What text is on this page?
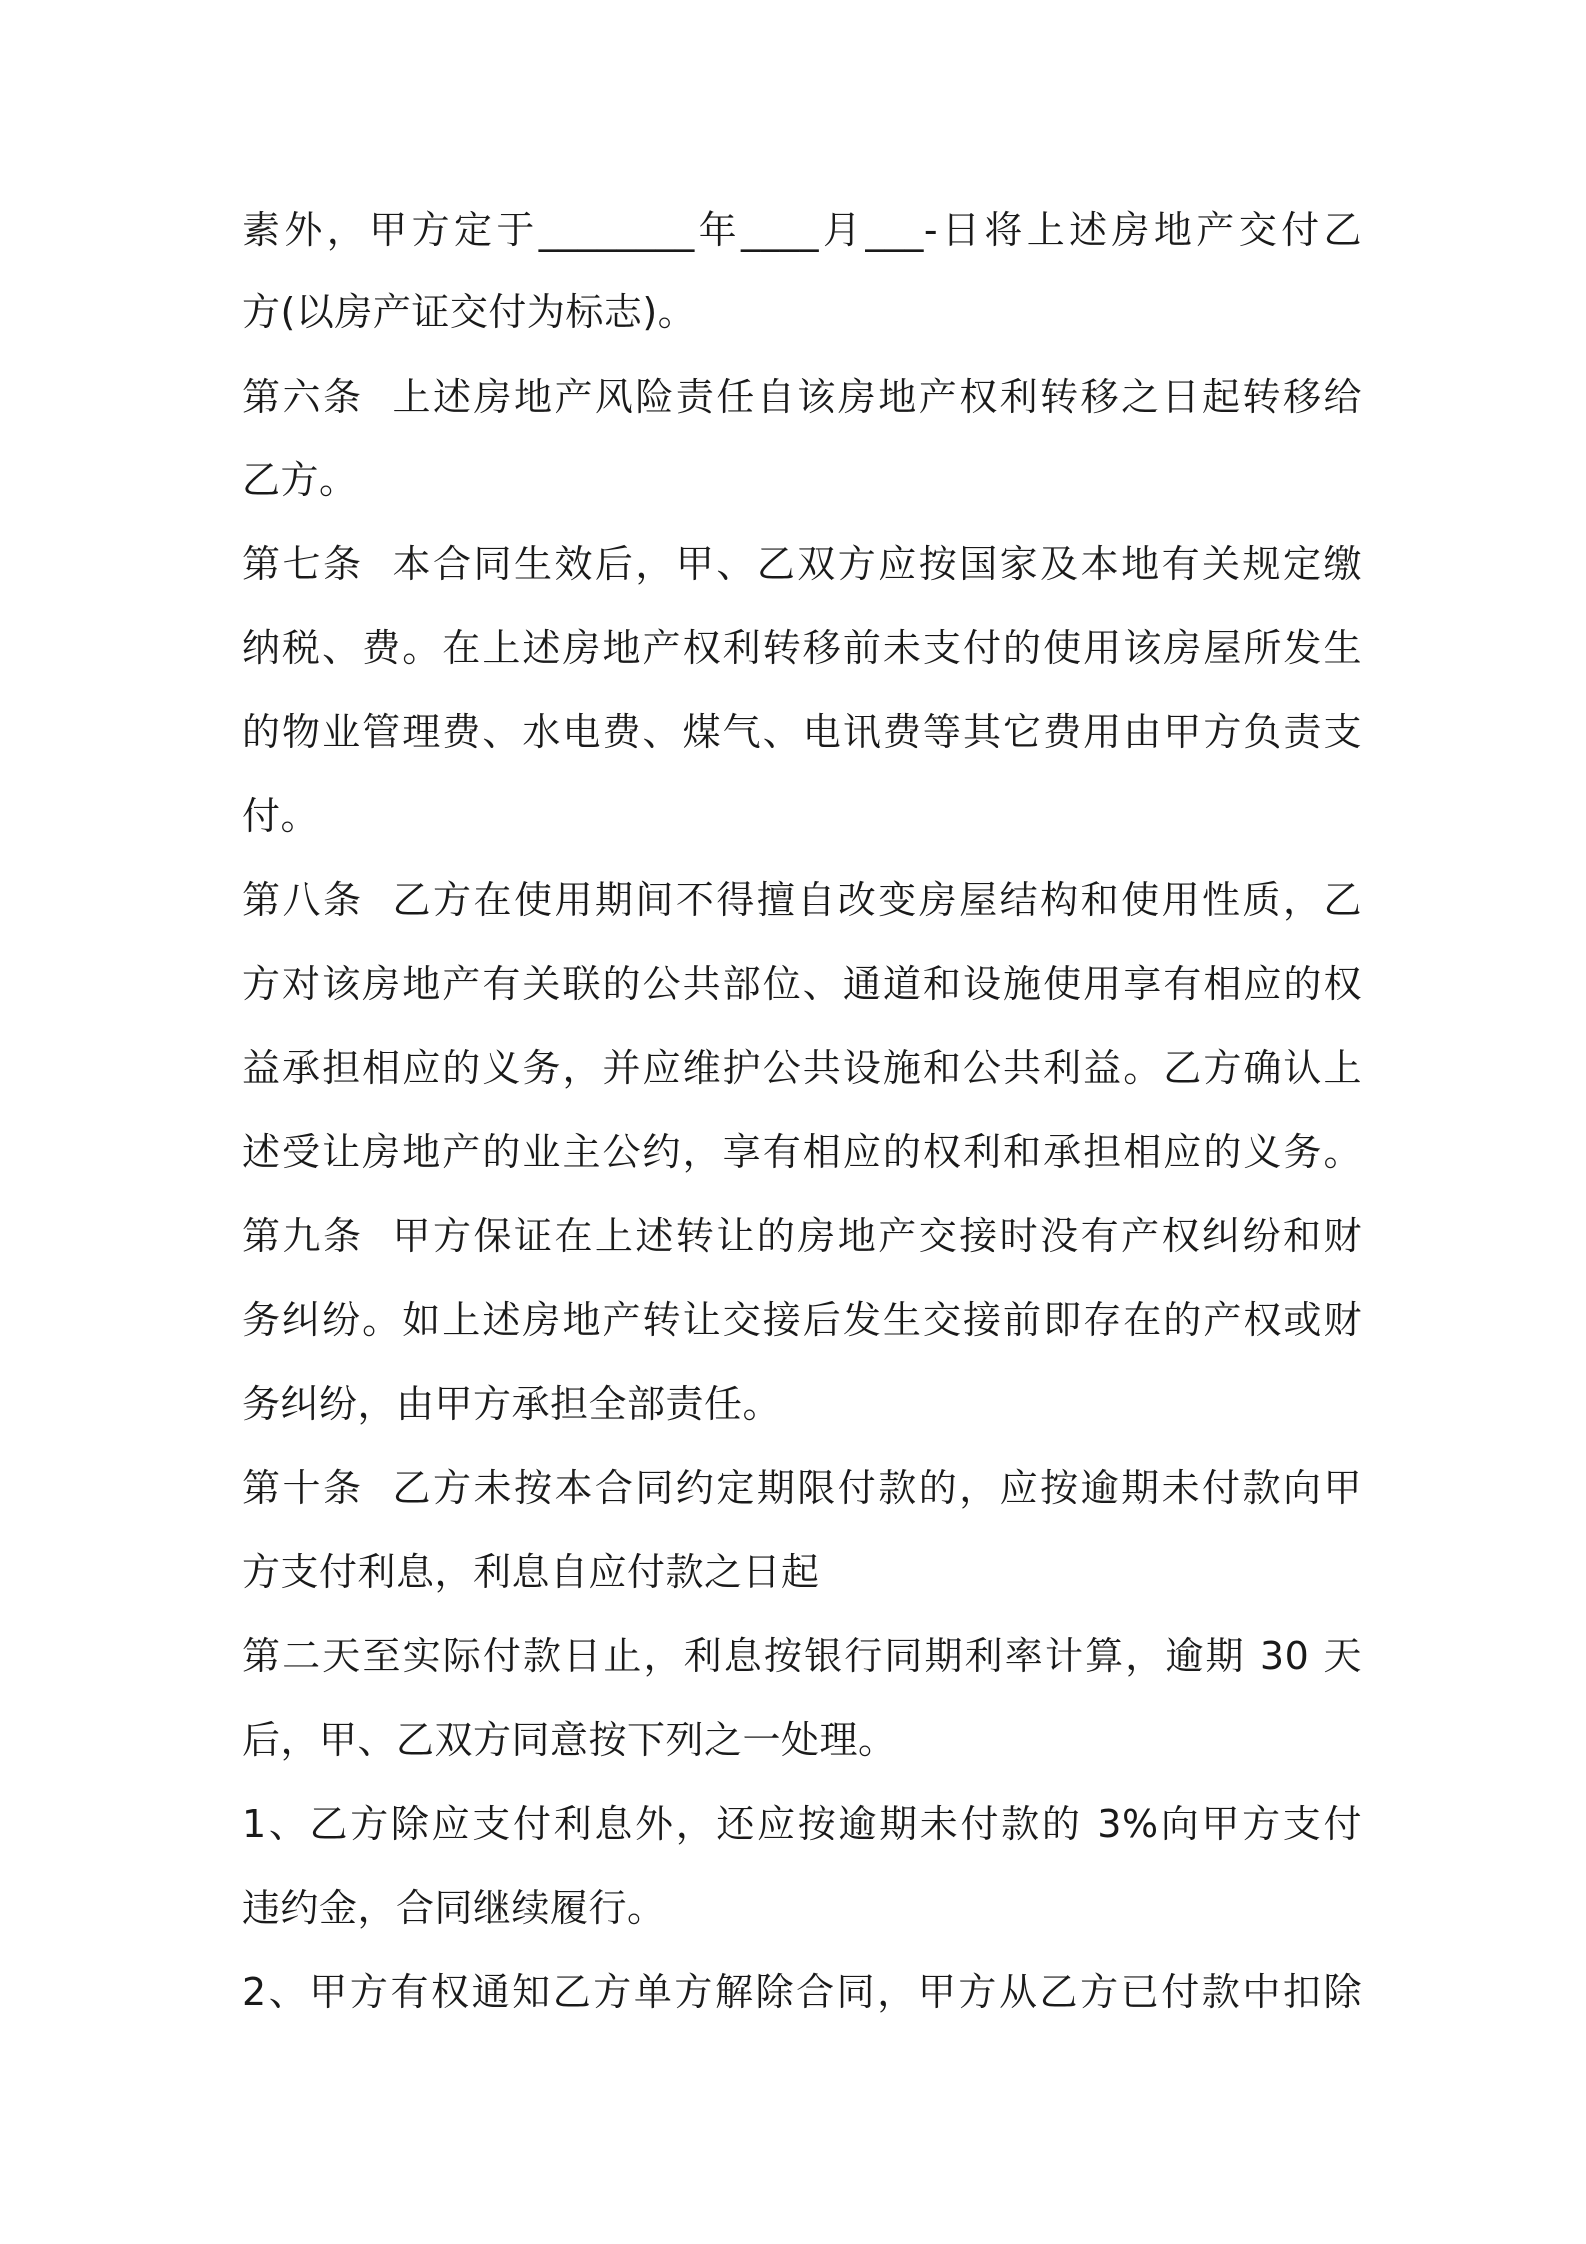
素外，甲方定于________年____月___-日将上述房地产交付乙
方(以房产证交付为标志)。
第六条  上述房地产风险责任自该房地产权利转移之日起转移给
乙方。
第七条  本合同生效后，甲、乙双方应按国家及本地有关规定缴
纳税、费。在上述房地产权利转移前未支付的使用该房屋所发生
的物业管理费、水电费、煤气、电讯费等其它费用由甲方负责支
付。
第八条  乙方在使用期间不得擅自改变房屋结构和使用性质，乙
方对该房地产有关联的公共部位、通道和设施使用享有相应的权
益承担相应的义务，并应维护公共设施和公共利益。乙方确认上
述受让房地产的业主公约，享有相应的权利和承担相应的义务。
第九条  甲方保证在上述转让的房地产交接时没有产权纠纷和财
务纠纷。如上述房地产转让交接后发生交接前即存在的产权或财
务纠纷，由甲方承担全部责任。
第十条  乙方未按本合同约定期限付款的，应按逾期未付款向甲
方支付利息，利息自应付款之日起
第二天至实际付款日止，利息按银行同期利率计算，逾期 30 天
后，甲、乙双方同意按下列之一处理。
1、乙方除应支付利息外，还应按逾期未付款的 3%向甲方支付
违约金，合同继续履行。
2、甲方有权通知乙方单方解除合同，甲方从乙方已付款中扣除
